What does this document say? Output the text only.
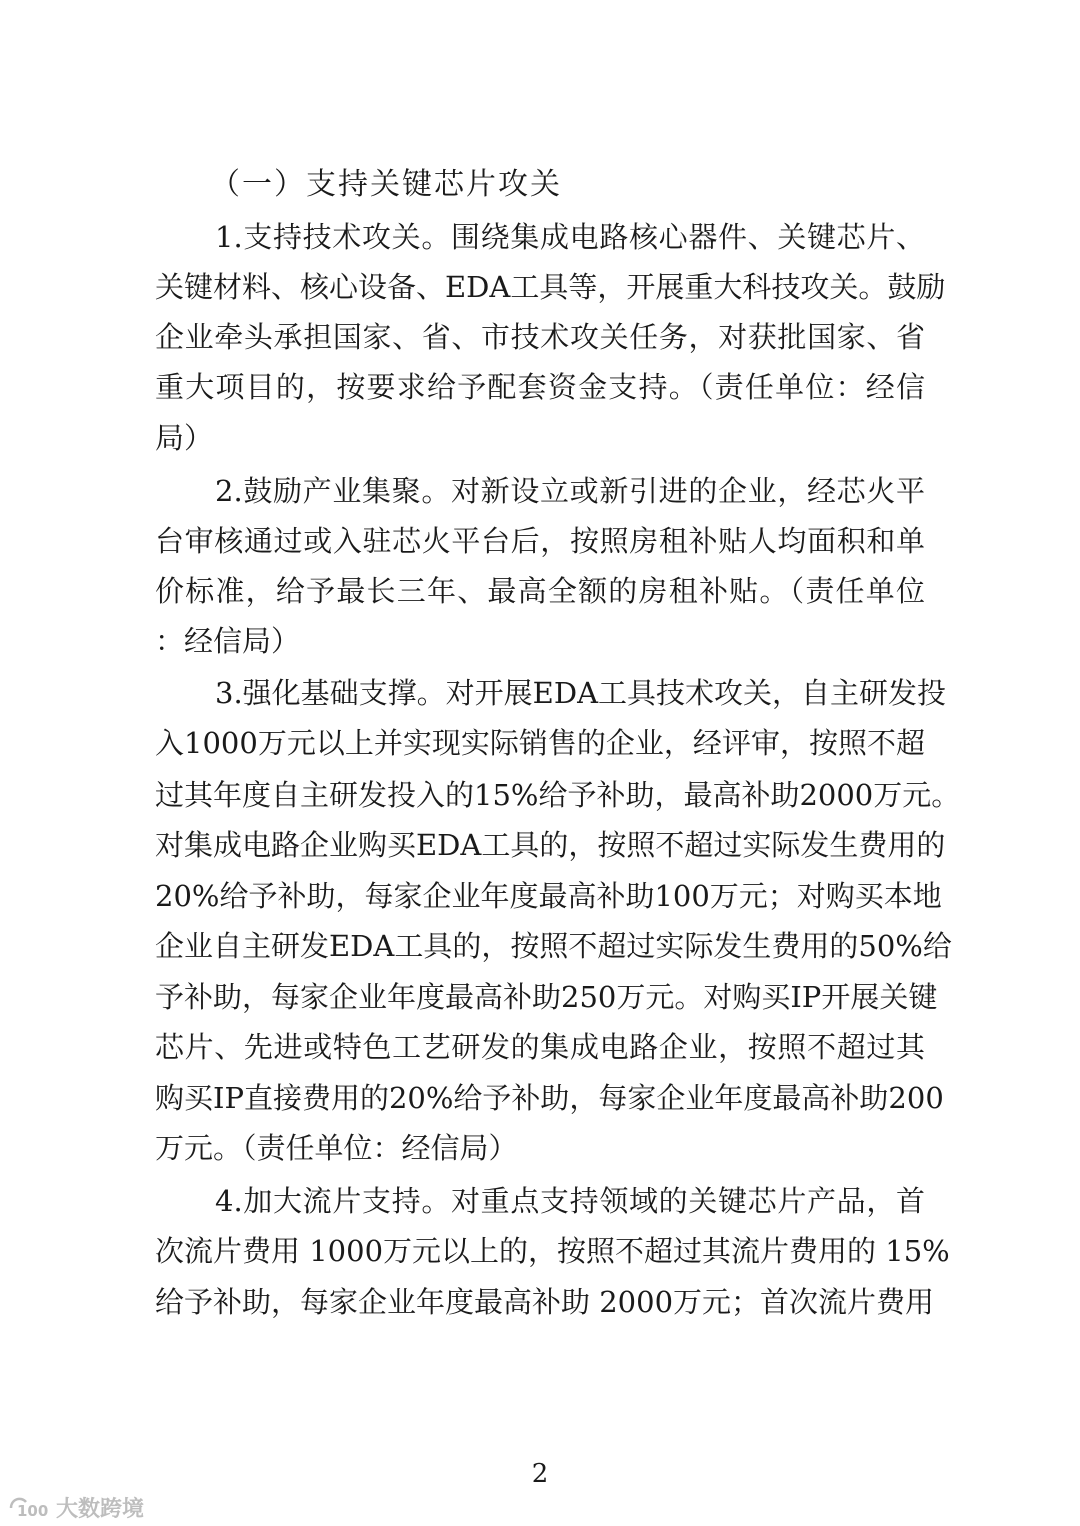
（一）支持关键芯片攻关
1.支持技术攻关。围绕集成电路核心器件、关键芯片、
关键材料、核心设备、EDA工具等，开展重大科技攻关。鼓励
企业牵头承担国家、省、市技术攻关任务，对获批国家、省
重大项目的，按要求给予配套资金支持。（责任单位：经信
局）
2.鼓励产业集聚。对新设立或新引进的企业，经芯火平
台审核通过或入驻芯火平台后，按照房租补贴人均面积和单
价标准，给予最长三年、最高全额的房租补贴。（责任单位
：经信局）
3.强化基础支撑。对开展EDA工具技术攻关，自主研发投
入1000万元以上并实现实际销售的企业，经评审，按照不超
过其年度自主研发投入的15%给予补助，最高补助2000万元。
对集成电路企业购买EDA工具的，按照不超过实际发生费用的
20%给予补助，每家企业年度最高补助100万元；对购买本地
企业自主研发EDA工具的，按照不超过实际发生费用的50%给
予补助，每家企业年度最高补助250万元。对购买IP开展关键
芯片、先进或特色工艺研发的集成电路企业，按照不超过其
购买IP直接费用的20%给予补助，每家企业年度最高补助200
万元。（责任单位：经信局）
4.加大流片支持。对重点支持领域的关键芯片产品，首
次流片费用 1000万元以上的，按照不超过其流片费用的 15%
给予补助，每家企业年度最高补助 2000万元；首次流片费用
2
100 大数跨境
